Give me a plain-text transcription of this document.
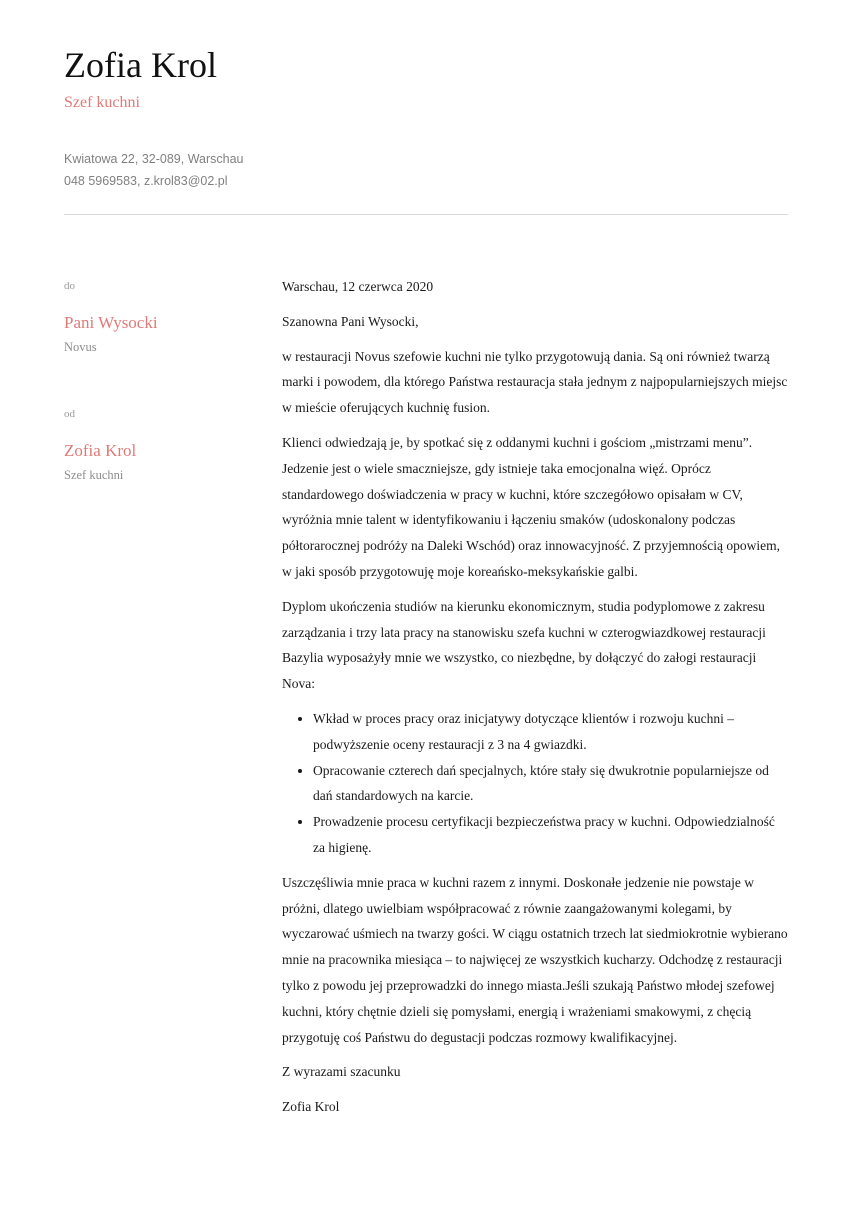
Zofia Krol
Szef kuchni
Kwiatowa 22, 32-089, Warschau
048 5969583, z.krol83@02.pl
do
Pani Wysocki
Novus
od
Zofia Krol
Szef kuchni

Warschau, 12 czerwca 2020

Szanowna Pani Wysocki,

w restauracji Novus szefowie kuchni nie tylko przygotowują dania. Są oni również twarzą marki i powodem, dla którego Państwa restauracja stała jednym z najpopularniejszych miejsc w mieście oferujących kuchnię fusion.

Klienci odwiedzają je, by spotkać się z oddanymi kuchni i gościom „mistrzami menu”. Jedzenie jest o wiele smaczniejsze, gdy istnieje taka emocjonalna więź. Oprócz standardowego doświadczenia w pracy w kuchni, które szczegółowo opisałam w CV, wyróżnia mnie talent w identyfikowaniu i łączeniu smaków (udoskonalony podczas półtorarocznej podróży na Daleki Wschód) oraz innowacyjność. Z przyjemnością opowiem, w jaki sposób przygotowuję moje koreańsko-meksykańskie galbi.

Dyplom ukończenia studiów na kierunku ekonomicznym, studia podyplomowe z zakresu zarządzania i trzy lata pracy na stanowisku szefa kuchni w czterogwiazdkowej restauracji Bazylia wyposażyły mnie we wszystko, co niezbędne, by dołączyć do załogi restauracji Nova:

• Wkład w proces pracy oraz inicjatywy dotyczące klientów i rozwoju kuchni – podwyższenie oceny restauracji z 3 na 4 gwiazdki.
• Opracowanie czterech dań specjalnych, które stały się dwukrotnie popularniejsze od dań standardowych na karcie.
• Prowadzenie procesu certyfikacji bezpieczeństwa pracy w kuchni. Odpowiedzialność za higienę.

Uszczęśliwia mnie praca w kuchni razem z innymi. Doskonałe jedzenie nie powstaje w próżni, dlatego uwielbiam współpracować z równie zaangażowanymi kolegami, by wyczarować uśmiech na twarzy gości. W ciągu ostatnich trzech lat siedmiokrotnie wybierano mnie na pracownika miesiąca – to najwięcej ze wszystkich kucharzy. Odchodzę z restauracji tylko z powodu jej przeprowadzki do innego miasta.Jeśli szukają Państwo młodej szefowej kuchni, który chętnie dzieli się pomysłami, energią i wrażeniami smakowymi, z chęcią przygotuję coś Państwu do degustacji podczas rozmowy kwalifikacyjnej.

Z wyrazami szacunku

Zofia Krol
